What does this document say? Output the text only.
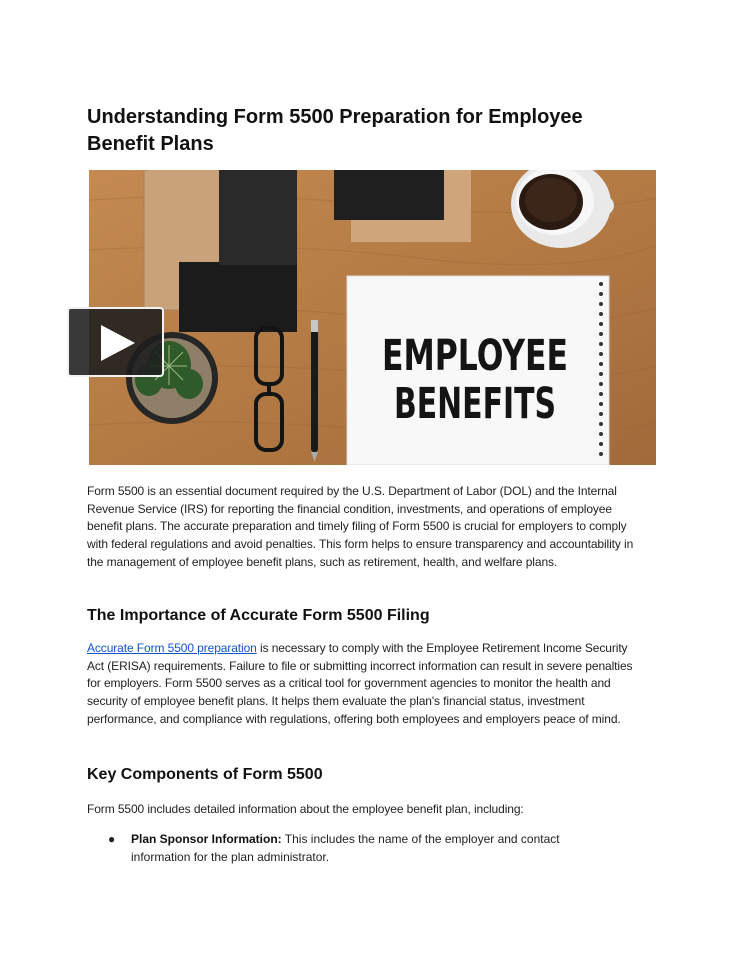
Understanding Form 5500 Preparation for Employee Benefit Plans
EMPLOYEE
BENEFITS

Form 5500 is an essential document required by the U.S. Department of Labor (DOL) and the Internal Revenue Service (IRS) for reporting the financial condition, investments, and operations of employee benefit plans. The accurate preparation and timely filing of Form 5500 is crucial for employers to comply with federal regulations and avoid penalties. This form helps to ensure transparency and accountability in the management of employee benefit plans, such as retirement, health, and welfare plans.

The Importance of Accurate Form 5500 Filing

Accurate Form 5500 preparation is necessary to comply with the Employee Retirement Income Security Act (ERISA) requirements. Failure to file or submitting incorrect information can result in severe penalties for employers. Form 5500 serves as a critical tool for government agencies to monitor the health and security of employee benefit plans. It helps them evaluate the plan's financial status, investment performance, and compliance with regulations, offering both employees and employers peace of mind.

Key Components of Form 5500

Form 5500 includes detailed information about the employee benefit plan, including:

● Plan Sponsor Information: This includes the name of the employer and contact information for the plan administrator.
